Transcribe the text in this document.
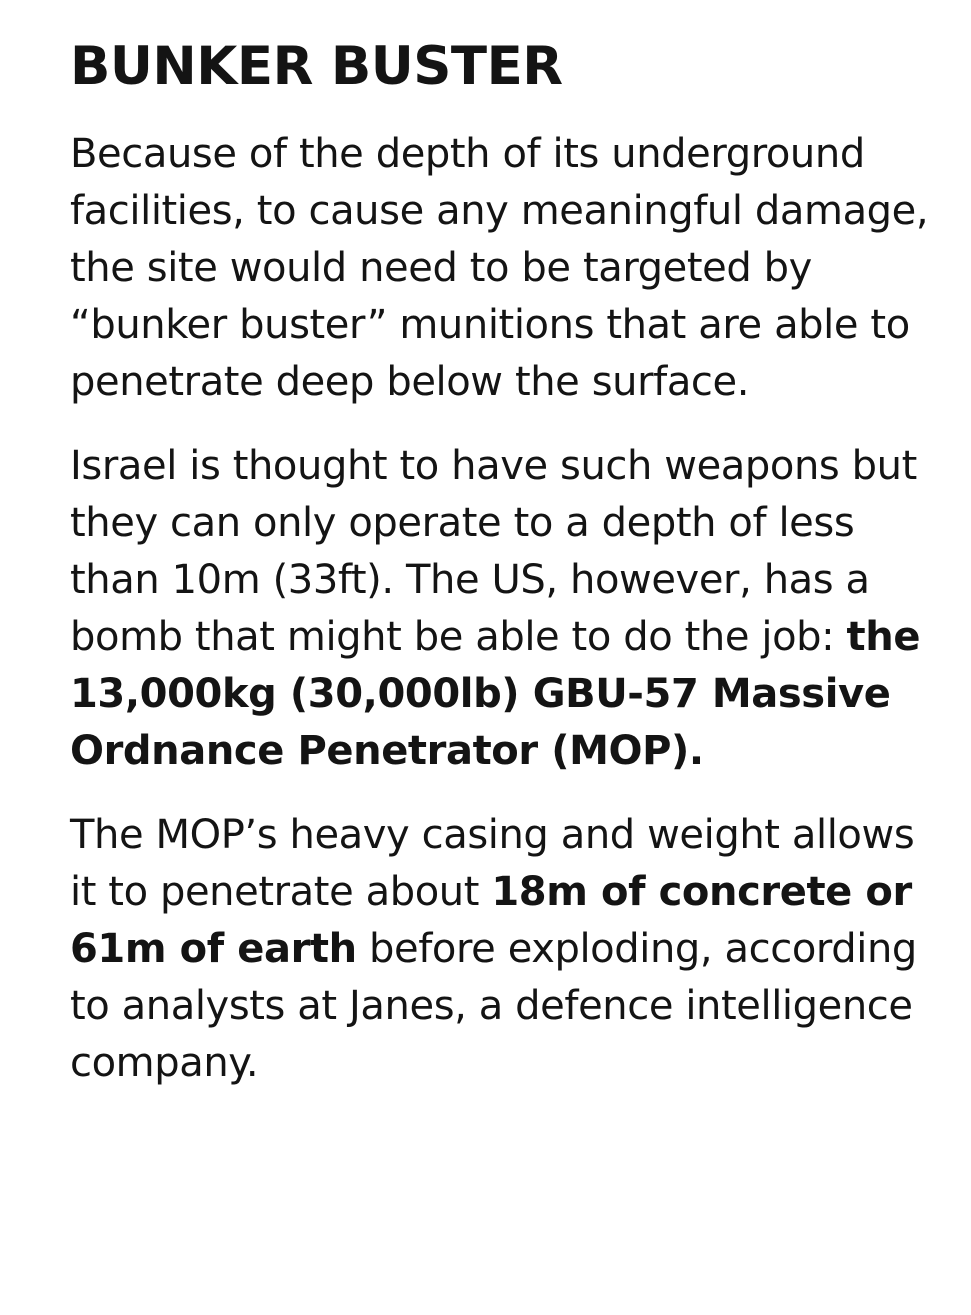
BUNKER BUSTER

Because of the depth of its underground facilities, to cause any meaningful damage, the site would need to be targeted by “bunker buster” munitions that are able to penetrate deep below the surface.

Israel is thought to have such weapons but they can only operate to a depth of less than 10m (33ft). The US, however, has a bomb that might be able to do the job: the 13,000kg (30,000lb) GBU-57 Massive Ordnance Penetrator (MOP).

The MOP’s heavy casing and weight allows it to penetrate about 18m of concrete or 61m of earth before exploding, according to analysts at Janes, a defence intelligence company.
